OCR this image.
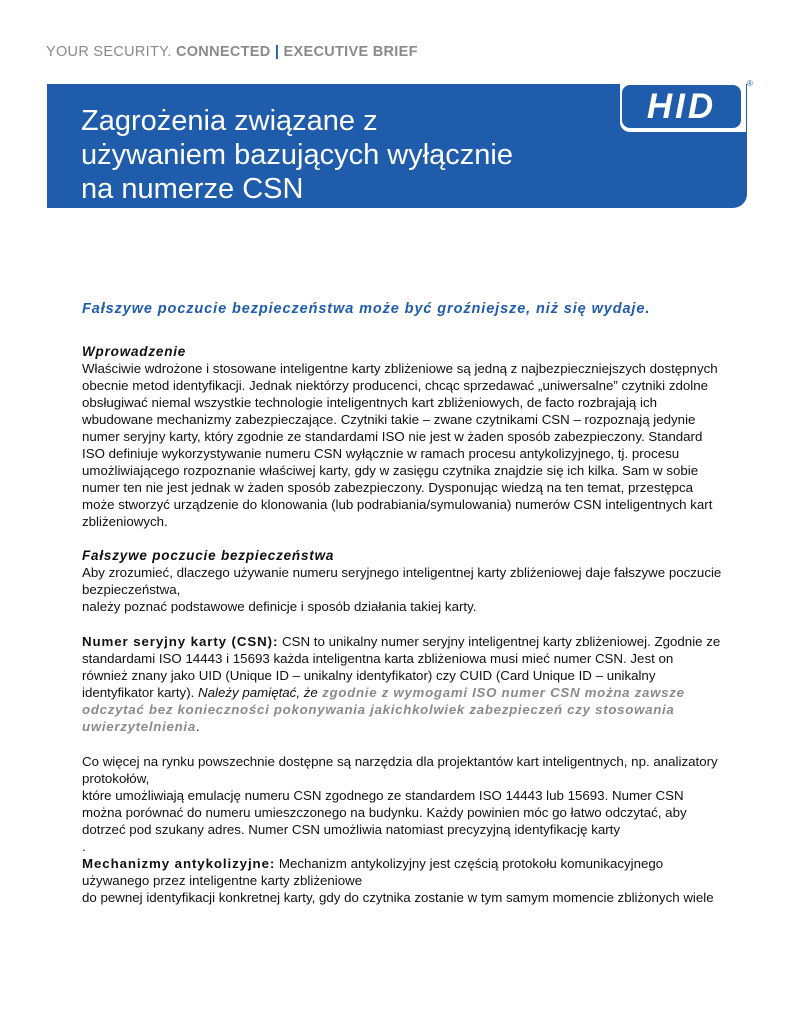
YOUR SECURITY. CONNECTED | EXECUTIVE BRIEF
Zagrożenia związane z
używaniem bazujących wyłącznie
na numerze CSN
HID
®
Fałszywe poczucie bezpieczeństwa może być groźniejsze, niż się wydaje.
Wprowadzenie

Właściwie wdrożone i stosowane inteligentne karty zbliżeniowe są jedną z najbezpieczniejszych dostępnych obecnie metod identyfikacji. Jednak niektórzy producenci, chcąc sprzedawać „uniwersalne” czytniki zdolne obsługiwać niemal wszystkie technologie inteligentnych kart zbliżeniowych, de facto rozbrajają ich wbudowane mechanizmy zabezpieczające. Czytniki takie – zwane czytnikami CSN – rozpoznają jedynie numer seryjny karty, który zgodnie ze standardami ISO nie jest w żaden sposób zabezpieczony. Standard ISO definiuje wykorzystywanie numeru CSN wyłącznie w ramach procesu antykolizyjnego, tj. procesu umożliwiającego rozpoznanie właściwej karty, gdy w zasięgu czytnika znajdzie się ich kilka. Sam w sobie numer ten nie jest jednak w żaden sposób zabezpieczony. Dysponując wiedzą na ten temat, przestępca może stworzyć urządzenie do klonowania (lub podrabiania/symulowania) numerów CSN inteligentnych kart zbliżeniowych.

Fałszywe poczucie bezpieczeństwa

Aby zrozumieć, dlaczego używanie numeru seryjnego inteligentnej karty zbliżeniowej daje fałszywe poczucie bezpieczeństwa,

należy poznać podstawowe definicje i sposób działania takiej karty.

Numer seryjny karty (CSN): CSN to unikalny numer seryjny inteligentnej karty zbliżeniowej. Zgodnie ze standardami ISO 14443 i 15693 każda inteligentna karta zbliżeniowa musi mieć numer CSN. Jest on również znany jako UID (Unique ID – unikalny identyfikator) czy CUID (Card Unique ID – unikalny identyfikator karty). Należy pamiętać, że zgodnie z wymogami ISO numer CSN można zawsze odczytać bez konieczności pokonywania jakichkolwiek zabezpieczeń czy stosowania uwierzytelnienia.

Co więcej na rynku powszechnie dostępne są narzędzia dla projektantów kart inteligentnych, np. analizatory protokołów,

które umożliwiają emulację numeru CSN zgodnego ze standardem ISO 14443 lub 15693. Numer CSN można porównać do numeru umieszczonego na budynku. Każdy powinien móc go łatwo odczytać, aby dotrzeć pod szukany adres. Numer CSN umożliwia natomiast precyzyjną identyfikację karty

.

Mechanizmy antykolizyjne: Mechanizm antykolizyjny jest częścią protokołu komunikacyjnego używanego przez inteligentne karty zbliżeniowe

do pewnej identyfikacji konkretnej karty, gdy do czytnika zostanie w tym samym momencie zbliżonych wiele
